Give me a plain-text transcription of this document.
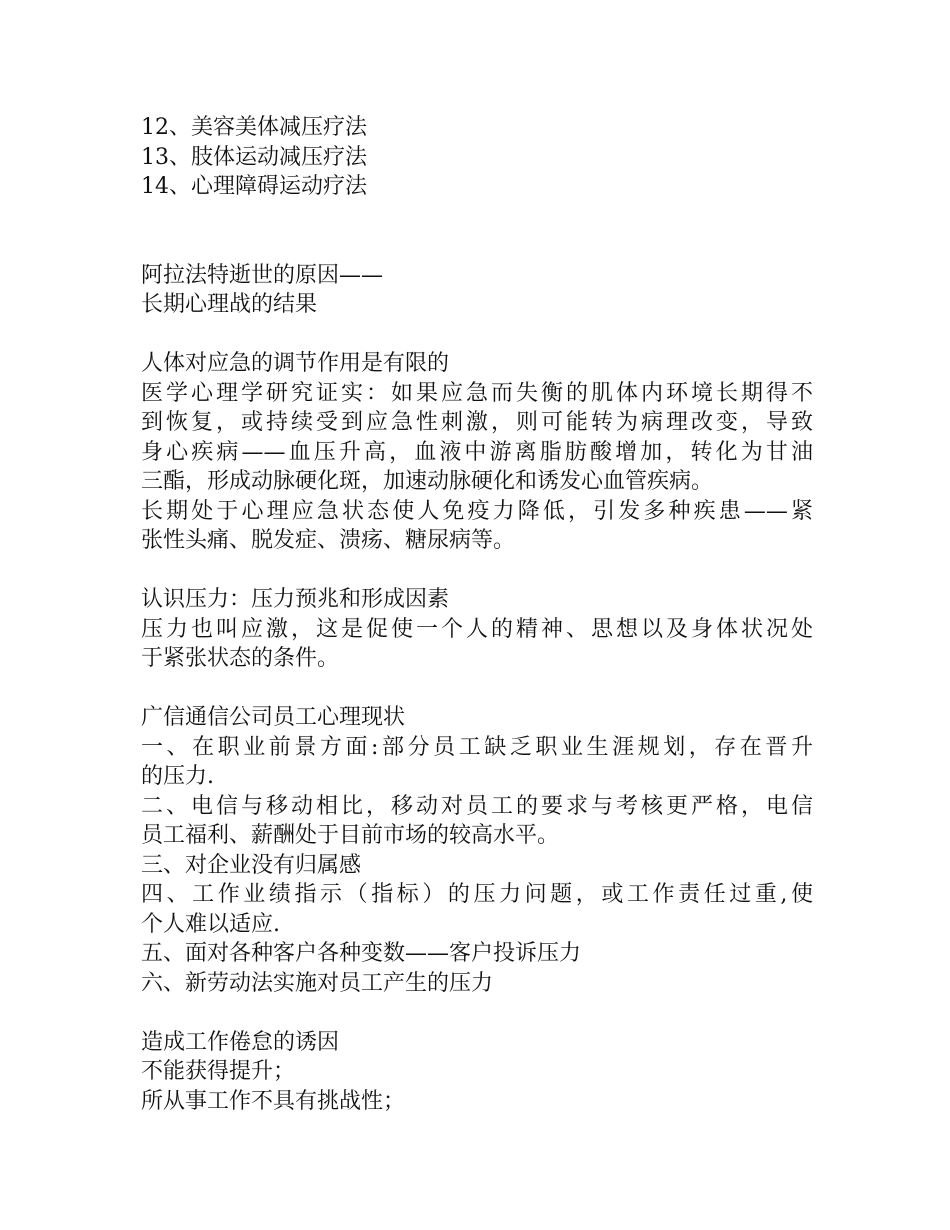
12、美容美体减压疗法
13、肢体运动减压疗法
14、心理障碍运动疗法
阿拉法特逝世的原因——
长期心理战的结果
人体对应急的调节作用是有限的
医学心理学研究证实：如果应急而失衡的肌体内环境长期得不
到恢复，或持续受到应急性刺激，则可能转为病理改变，导致
身心疾病——血压升高，血液中游离脂肪酸增加，转化为甘油
三酯，形成动脉硬化斑，加速动脉硬化和诱发心血管疾病。
长期处于心理应急状态使人免疫力降低，引发多种疾患——紧
张性头痛、脱发症、溃疡、糖尿病等。
认识压力：压力预兆和形成因素
压力也叫应激，这是促使一个人的精神、思想以及身体状况处
于紧张状态的条件。
广信通信公司员工心理现状
一、在职业前景方面:部分员工缺乏职业生涯规划，存在晋升
的压力.
二、电信与移动相比，移动对员工的要求与考核更严格，电信
员工福利、薪酬处于目前市场的较高水平。
三、对企业没有归属感
四、工作业绩指示（指标）的压力问题，或工作责任过重,使
个人难以适应.
五、面对各种客户各种变数——客户投诉压力
六、新劳动法实施对员工产生的压力
造成工作倦怠的诱因
不能获得提升；
所从事工作不具有挑战性；
